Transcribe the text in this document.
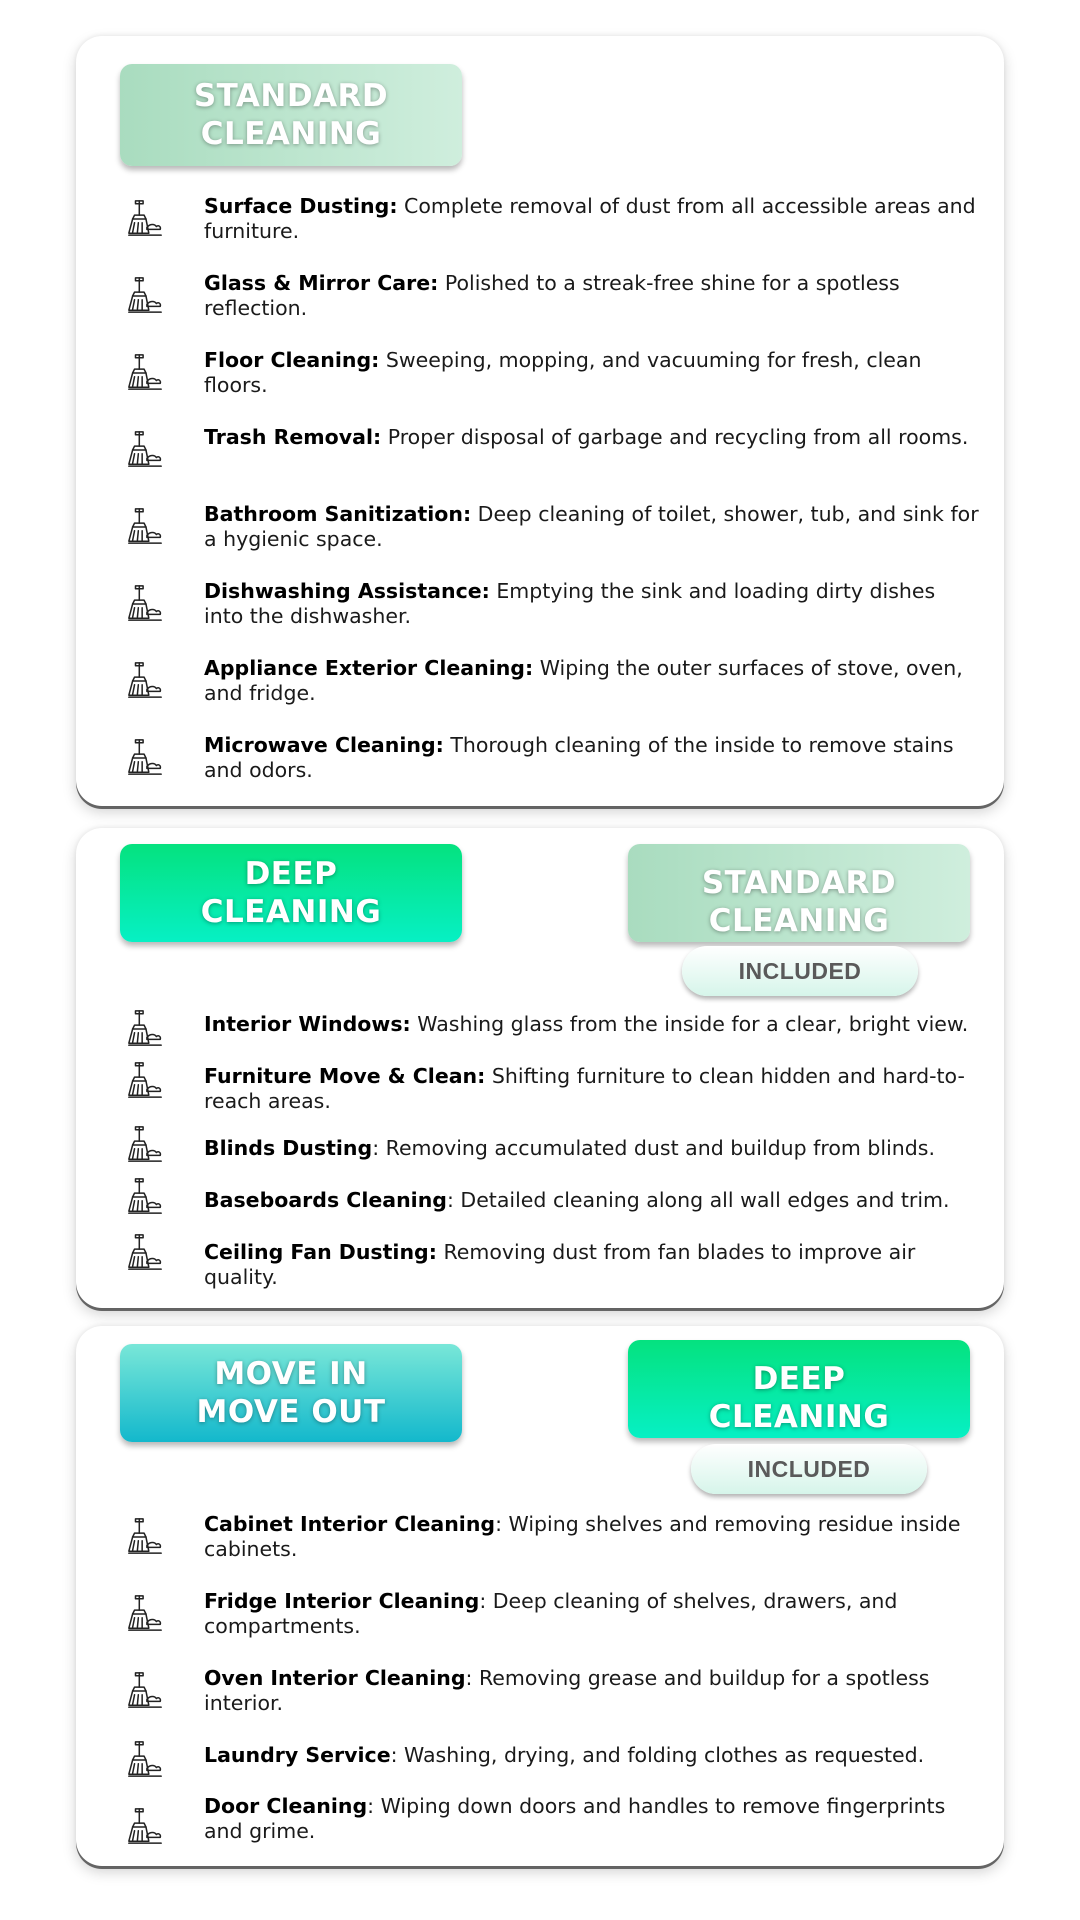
STANDARD
CLEANING
Surface Dusting: Complete removal of dust from all accessible areas and furniture.
Glass & Mirror Care: Polished to a streak-free shine for a spotless reflection.
Floor Cleaning: Sweeping, mopping, and vacuuming for fresh, clean floors.
Trash Removal: Proper disposal of garbage and recycling from all rooms.
Bathroom Sanitization: Deep cleaning of toilet, shower, tub, and sink for a hygienic space.
Dishwashing Assistance: Emptying the sink and loading dirty dishes into the dishwasher.
Appliance Exterior Cleaning: Wiping the outer surfaces of stove, oven, and fridge.
Microwave Cleaning: Thorough cleaning of the inside to remove stains and odors.
DEEP
CLEANING
STANDARD
CLEANING
INCLUDED
Interior Windows: Washing glass from the inside for a clear, bright view.
Furniture Move & Clean: Shifting furniture to clean hidden and hard-to-reach areas.
Blinds Dusting: Removing accumulated dust and buildup from blinds.
Baseboards Cleaning: Detailed cleaning along all wall edges and trim.
Ceiling Fan Dusting: Removing dust from fan blades to improve air quality.
MOVE IN
MOVE OUT
DEEP
CLEANING
INCLUDED
Cabinet Interior Cleaning: Wiping shelves and removing residue inside cabinets.
Fridge Interior Cleaning: Deep cleaning of shelves, drawers, and compartments.
Oven Interior Cleaning: Removing grease and buildup for a spotless interior.
Laundry Service: Washing, drying, and folding clothes as requested.
Door Cleaning: Wiping down doors and handles to remove fingerprints and grime.
